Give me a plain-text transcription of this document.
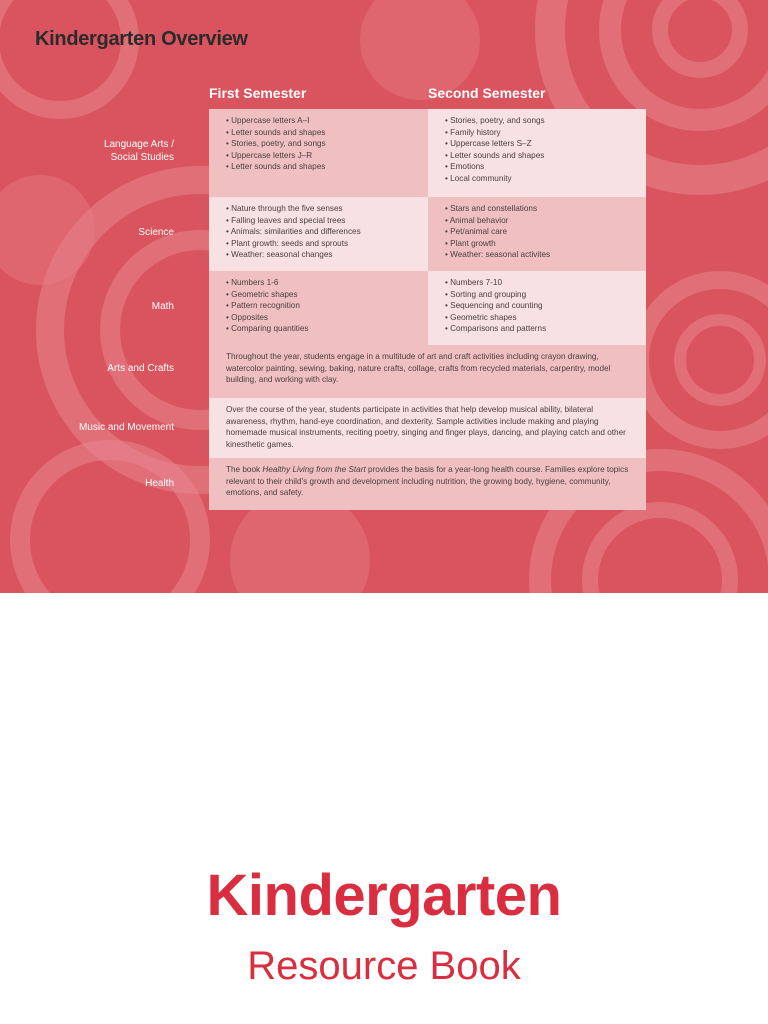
Kindergarten Overview
First Semester	Second Semester
Language Arts /
Social Studies
Science
Math
Arts and Crafts
Music and Movement
Health
• Uppercase letters A–I
• Letter sounds and shapes
• Stories, poetry, and songs
• Uppercase letters J–R
• Letter sounds and shapes
• Stories, poetry, and songs
• Family history
• Uppercase letters S–Z
• Letter sounds and shapes
• Emotions
• Local community
• Nature through the five senses
• Falling leaves and special trees
• Animals: similarities and differences
• Plant growth: seeds and sprouts
• Weather: seasonal changes
• Stars and constellations
• Animal behavior
• Pet/animal care
• Plant growth
• Weather: seasonal activites
• Numbers 1-6
• Geometric shapes
• Pattern recognition
• Opposites
• Comparing quantities
• Numbers 7-10
• Sorting and grouping
• Sequencing and counting
• Geometric shapes
• Comparisons and patterns

Throughout the year, students engage in a multitude of art and craft activities including crayon drawing, watercolor painting, sewing, baking, nature crafts, collage, crafts from recycled materials, carpentry, model building, and working with clay.

Over the course of the year, students participate in activities that help develop musical ability, bilateral awareness, rhythm, hand-eye coordination, and dexterity. Sample activities include making and playing homemade musical instruments, reciting poetry, singing and finger plays, dancing, and playing catch and other kinesthetic games.

The book Healthy Living from the Start provides the basis for a year-long health course. Families explore topics relevant to their child's growth and development including nutrition, the growing body, hygiene, community, emotions, and safety.

Kindergarten
Resource Book
